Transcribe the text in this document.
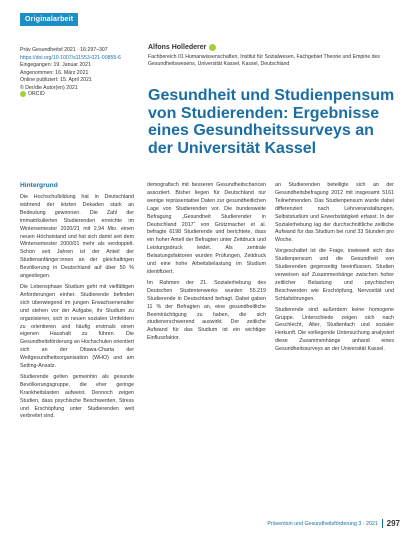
Originalarbeit
Präv Gesundheitsf 2021 · 16:297–307
https://doi.org/10.1007/s11553-021-00855-6
Eingegangen: 19. Januar 2021
Angenommen: 16. März 2021
Online publiziert: 15. April 2021
© Der/die Autor(en) 2021
ORCID
Alfons Hollederer
Fachbereich 01 Humanwissenschaften, Institut für Sozialwesen, Fachgebiet Theorie und Empirie des Gesundheitswesens, Universität Kassel, Kassel, Deutschland
Gesundheit und Studienpensum von Studierenden: Ergebnisse eines Gesundheitssurveys an der Universität Kassel
Hintergrund

Die Hochschulbildung hat in Deutschland während der letzten Dekaden stark an Bedeutung gewonnen. Die Zahl der immatrikulierten Studierenden erreichte im Wintersemester 2020/21 mit 2,94 Mio. einen neuen Höchststand und hat sich damit seit dem Wintersemester 2000/01 mehr als verdoppelt. Schon seit Jahren ist der Anteil der Studienanfänger:innen an der gleichaltrigen Bevölkerung in Deutschland auf über 50 % angestiegen.

Die Lebensphase Studium geht mit vielfältigen Anforderungen einher. Studierende befinden sich überwiegend im jungen Erwachsenenalter und stehen vor der Aufgabe, ihr Studium zu organisieren, sich in neuen sozialen Umfeldern zu orientieren und häufig erstmals einen eigenen Haushalt zu führen. Die Gesundheitsförderung an Hochschulen orientiert sich an der Ottawa-Charta der Weltgesundheitsorganisation (WHO) und am Setting-Ansatz.

Studierende gelten gemeinhin als gesunde Bevölkerungsgruppe, die eher geringe Krankheitslasten aufweist. Dennoch zeigen Studien, dass psychische Beschwerden, Stress und Erschöpfung unter Studierenden weit verbreitet sind.

demografisch mit besseren Gesundheitschancen assoziiert. Bisher liegen für Deutschland nur wenige repräsentative Daten zur gesundheitlichen Lage von Studierenden vor. Die bundesweite Befragung „Gesundheit Studierender in Deutschland 2017“ von Grützmacher et al. befragte 6198 Studierende und berichtete, dass ein hoher Anteil der Befragten unter Zeitdruck und Leistungsdruck leidet. Als zentrale Belastungsfaktoren wurden Prüfungen, Zeitdruck und eine hohe Arbeitsbelastung im Studium identifiziert.

Im Rahmen der 21. Sozialerhebung des Deutschen Studentenwerks wurden 55.219 Studierende in Deutschland befragt. Dabei gaben 11 % der Befragten an, eine gesundheitliche Beeinträchtigung zu haben, die sich studienerschwerend auswirkt. Der zeitliche Aufwand für das Studium ist ein wichtiger Einflussfaktor.

an Studierenden beteiligte sich an der Gesundheitsbefragung 2012 mit insgesamt 5161 Teilnehmenden. Das Studienpensum wurde dabei differenziert nach Lehrveranstaltungen, Selbststudium und Erwerbstätigkeit erfasst. In der Sozialerhebung lag der durchschnittliche zeitliche Aufwand für das Studium bei rund 33 Stunden pro Woche.

Vorgeschaltet ist die Frage, inwieweit sich das Studienpensum und die Gesundheit von Studierenden gegenseitig beeinflussen. Studien verweisen auf Zusammenhänge zwischen hoher zeitlicher Belastung und psychischen Beschwerden wie Erschöpfung, Nervosität und Schlafstörungen.

Studierende sind außerdem keine homogene Gruppe. Unterschiede zeigen sich nach Geschlecht, Alter, Studienfach und sozialer Herkunft. Die vorliegende Untersuchung analysiert diese Zusammenhänge anhand eines Gesundheitssurveys an der Universität Kassel.

Prävention und Gesundheitsförderung 3 · 2021 297
